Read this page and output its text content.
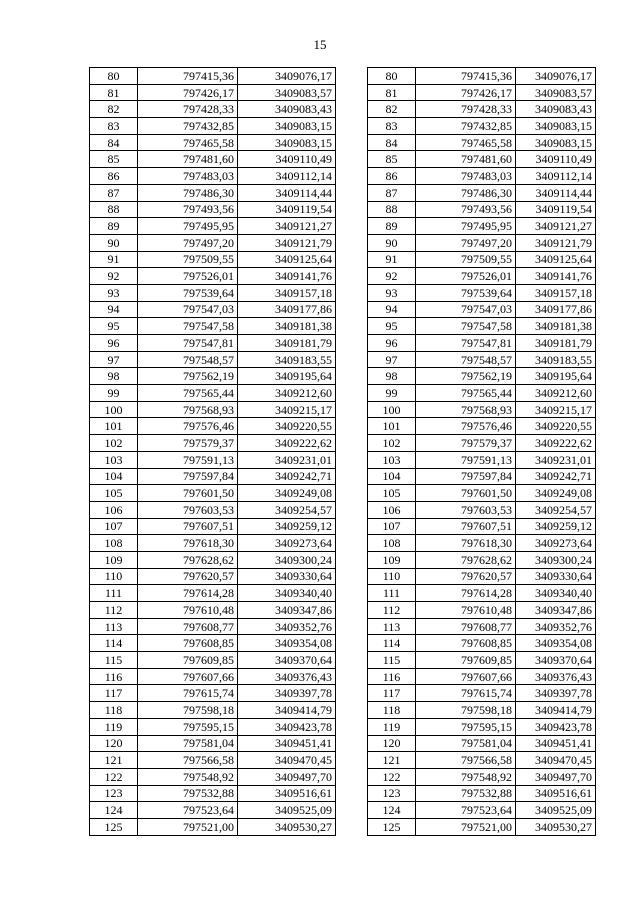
15
80	797415,36	3409076,17
81	797426,17	3409083,57
82	797428,33	3409083,43
83	797432,85	3409083,15
84	797465,58	3409083,15
85	797481,60	3409110,49
86	797483,03	3409112,14
87	797486,30	3409114,44
88	797493,56	3409119,54
89	797495,95	3409121,27
90	797497,20	3409121,79
91	797509,55	3409125,64
92	797526,01	3409141,76
93	797539,64	3409157,18
94	797547,03	3409177,86
95	797547,58	3409181,38
96	797547,81	3409181,79
97	797548,57	3409183,55
98	797562,19	3409195,64
99	797565,44	3409212,60
100	797568,93	3409215,17
101	797576,46	3409220,55
102	797579,37	3409222,62
103	797591,13	3409231,01
104	797597,84	3409242,71
105	797601,50	3409249,08
106	797603,53	3409254,57
107	797607,51	3409259,12
108	797618,30	3409273,64
109	797628,62	3409300,24
110	797620,57	3409330,64
111	797614,28	3409340,40
112	797610,48	3409347,86
113	797608,77	3409352,76
114	797608,85	3409354,08
115	797609,85	3409370,64
116	797607,66	3409376,43
117	797615,74	3409397,78
118	797598,18	3409414,79
119	797595,15	3409423,78
120	797581,04	3409451,41
121	797566,58	3409470,45
122	797548,92	3409497,70
123	797532,88	3409516,61
124	797523,64	3409525,09
125	797521,00	3409530,27
80	797415,36	3409076,17
81	797426,17	3409083,57
82	797428,33	3409083,43
83	797432,85	3409083,15
84	797465,58	3409083,15
85	797481,60	3409110,49
86	797483,03	3409112,14
87	797486,30	3409114,44
88	797493,56	3409119,54
89	797495,95	3409121,27
90	797497,20	3409121,79
91	797509,55	3409125,64
92	797526,01	3409141,76
93	797539,64	3409157,18
94	797547,03	3409177,86
95	797547,58	3409181,38
96	797547,81	3409181,79
97	797548,57	3409183,55
98	797562,19	3409195,64
99	797565,44	3409212,60
100	797568,93	3409215,17
101	797576,46	3409220,55
102	797579,37	3409222,62
103	797591,13	3409231,01
104	797597,84	3409242,71
105	797601,50	3409249,08
106	797603,53	3409254,57
107	797607,51	3409259,12
108	797618,30	3409273,64
109	797628,62	3409300,24
110	797620,57	3409330,64
111	797614,28	3409340,40
112	797610,48	3409347,86
113	797608,77	3409352,76
114	797608,85	3409354,08
115	797609,85	3409370,64
116	797607,66	3409376,43
117	797615,74	3409397,78
118	797598,18	3409414,79
119	797595,15	3409423,78
120	797581,04	3409451,41
121	797566,58	3409470,45
122	797548,92	3409497,70
123	797532,88	3409516,61
124	797523,64	3409525,09
125	797521,00	3409530,27
